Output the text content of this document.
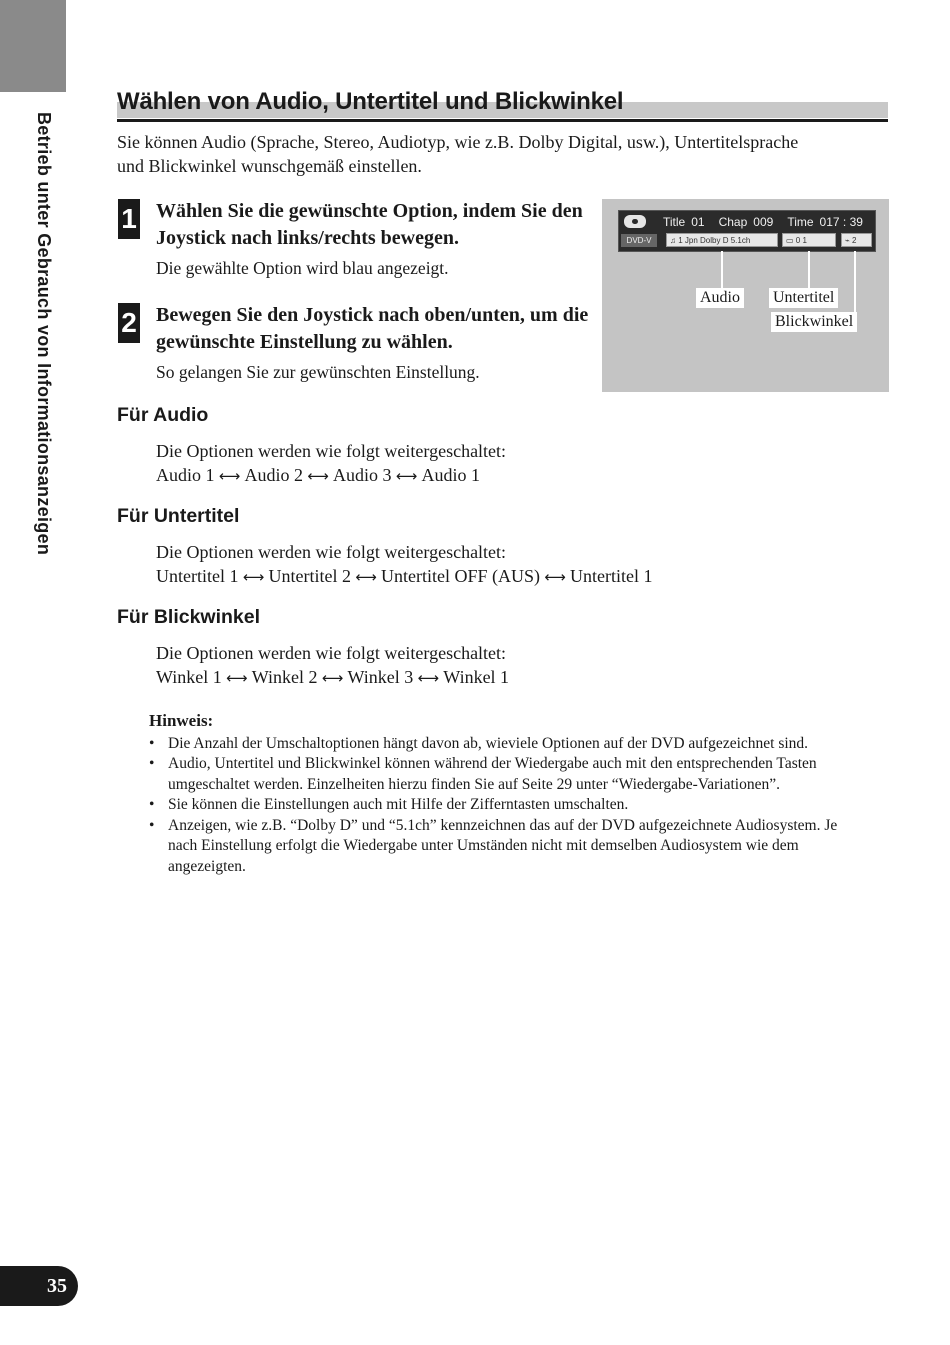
Betrieb unter Gebrauch von Informationsanzeigen
Wählen von Audio, Untertitel und Blickwinkel

Sie können Audio (Sprache, Stereo, Audiotyp, wie z.B. Dolby Digital, usw.), Untertitelsprache und Blickwinkel wunschgemäß einstellen.

1 Wählen Sie die gewünschte Option, indem Sie den Joystick nach links/rechts bewegen.
Die gewählte Option wird blau angezeigt.
2 Bewegen Sie den Joystick nach oben/unten, um die gewünschte Einstellung zu wählen.
So gelangen Sie zur gewünschten Einstellung.
DVD-V
Title 01 Chap 009 Time 017 : 39
♫ 1 Jpn Dolby D 5.1ch	▭ 0 1	⌁ 2
Audio Untertitel
Blickwinkel
Für Audio
Die Optionen werden wie folgt weitergeschaltet:
Audio 1 ⟷ Audio 2 ⟷ Audio 3 ⟷ Audio 1
Für Untertitel
Die Optionen werden wie folgt weitergeschaltet:
Untertitel 1 ⟷ Untertitel 2 ⟷ Untertitel OFF (AUS) ⟷ Untertitel 1
Für Blickwinkel
Die Optionen werden wie folgt weitergeschaltet:
Winkel 1 ⟷ Winkel 2 ⟷ Winkel 3 ⟷ Winkel 1
Hinweis:
• Die Anzahl der Umschaltoptionen hängt davon ab, wieviele Optionen auf der DVD aufgezeichnet sind.
• Audio, Untertitel und Blickwinkel können während der Wiedergabe auch mit den entsprechenden Tasten umgeschaltet werden. Einzelheiten hierzu finden Sie auf Seite 29 unter “Wiedergabe-Variationen”.
• Sie können die Einstellungen auch mit Hilfe der Zifferntasten umschalten.
• Anzeigen, wie z.B. “Dolby D” und “5.1ch” kennzeichnen das auf der DVD aufgezeichnete Audiosystem. Je nach Einstellung erfolgt die Wiedergabe unter Umständen nicht mit demselben Audiosystem wie dem angezeigten.
35
